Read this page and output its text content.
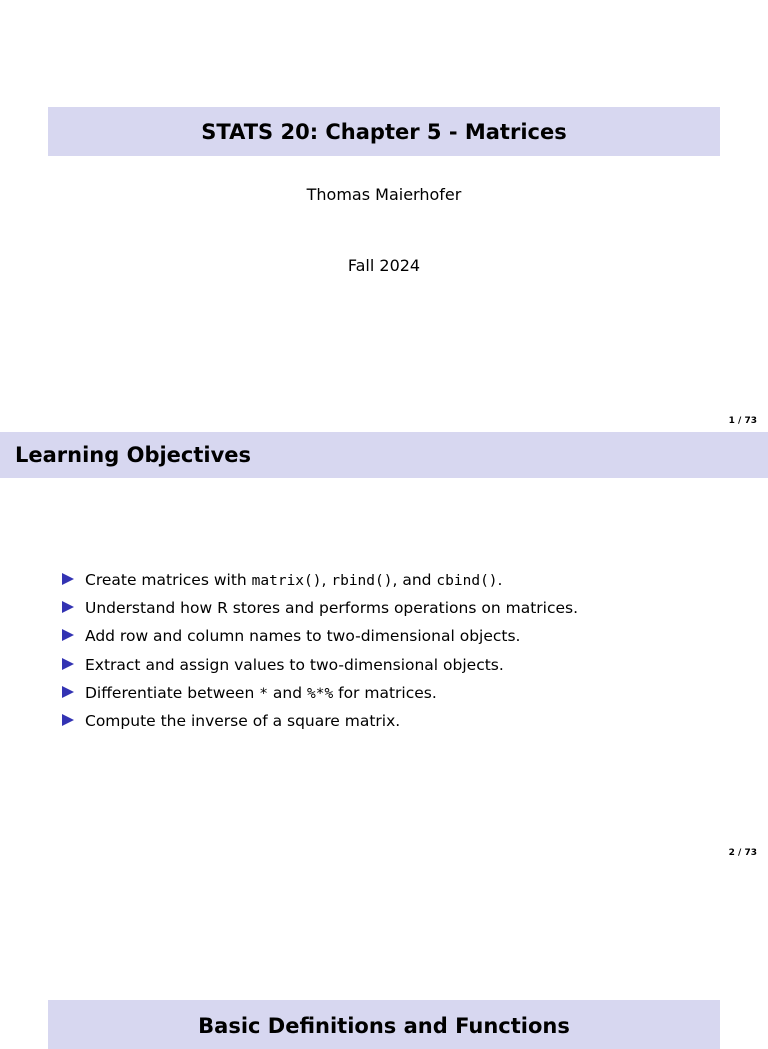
STATS 20: Chapter 5 - Matrices
Thomas Maierhofer
Fall 2024
1 / 73
Learning Objectives
Create matrices with matrix(), rbind(), and cbind().
Understand how R stores and performs operations on matrices.
Add row and column names to two-dimensional objects.
Extract and assign values to two-dimensional objects.
Differentiate between * and %*% for matrices.
Compute the inverse of a square matrix.
2 / 73
Basic Definitions and Functions
